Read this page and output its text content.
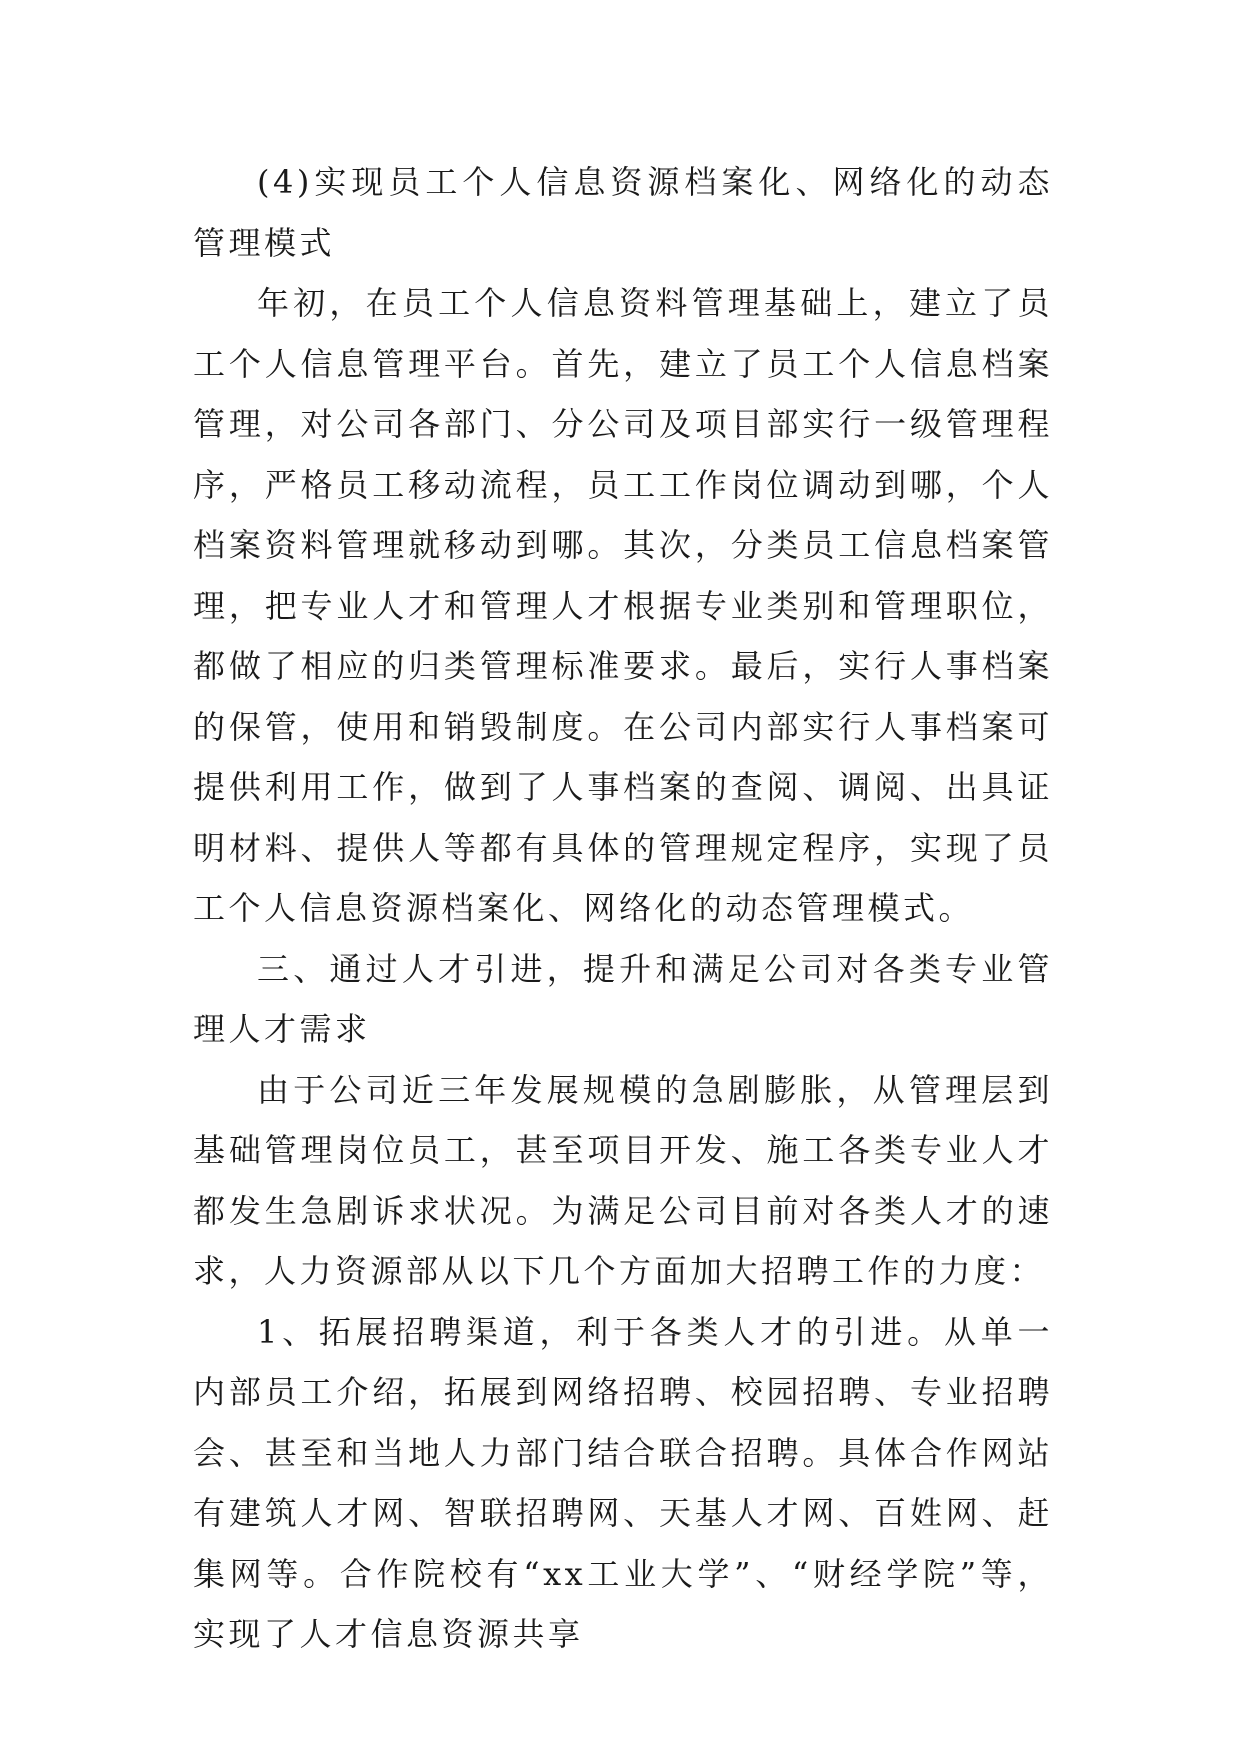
(4)实现员工个人信息资源档案化、网络化的动态管理模式

年初，在员工个人信息资料管理基础上，建立了员工个人信息管理平台。首先，建立了员工个人信息档案管理，对公司各部门、分公司及项目部实行一级管理程序，严格员工移动流程，员工工作岗位调动到哪，个人档案资料管理就移动到哪。其次，分类员工信息档案管理，把专业人才和管理人才根据专业类别和管理职位，都做了相应的归类管理标准要求。最后，实行人事档案的保管，使用和销毁制度。在公司内部实行人事档案可提供利用工作，做到了人事档案的查阅、调阅、出具证明材料、提供人等都有具体的管理规定程序，实现了员工个人信息资源档案化、网络化的动态管理模式。

三、通过人才引进，提升和满足公司对各类专业管理人才需求

由于公司近三年发展规模的急剧膨胀，从管理层到基础管理岗位员工，甚至项目开发、施工各类专业人才都发生急剧诉求状况。为满足公司目前对各类人才的速求，人力资源部从以下几个方面加大招聘工作的力度：

1、拓展招聘渠道，利于各类人才的引进。从单一内部员工介绍，拓展到网络招聘、校园招聘、专业招聘会、甚至和当地人力部门结合联合招聘。具体合作网站有建筑人才网、智联招聘网、天基人才网、百姓网、赶集网等。合作院校有“xx工业大学”、“财经学院”等，实现了人才信息资源共享
